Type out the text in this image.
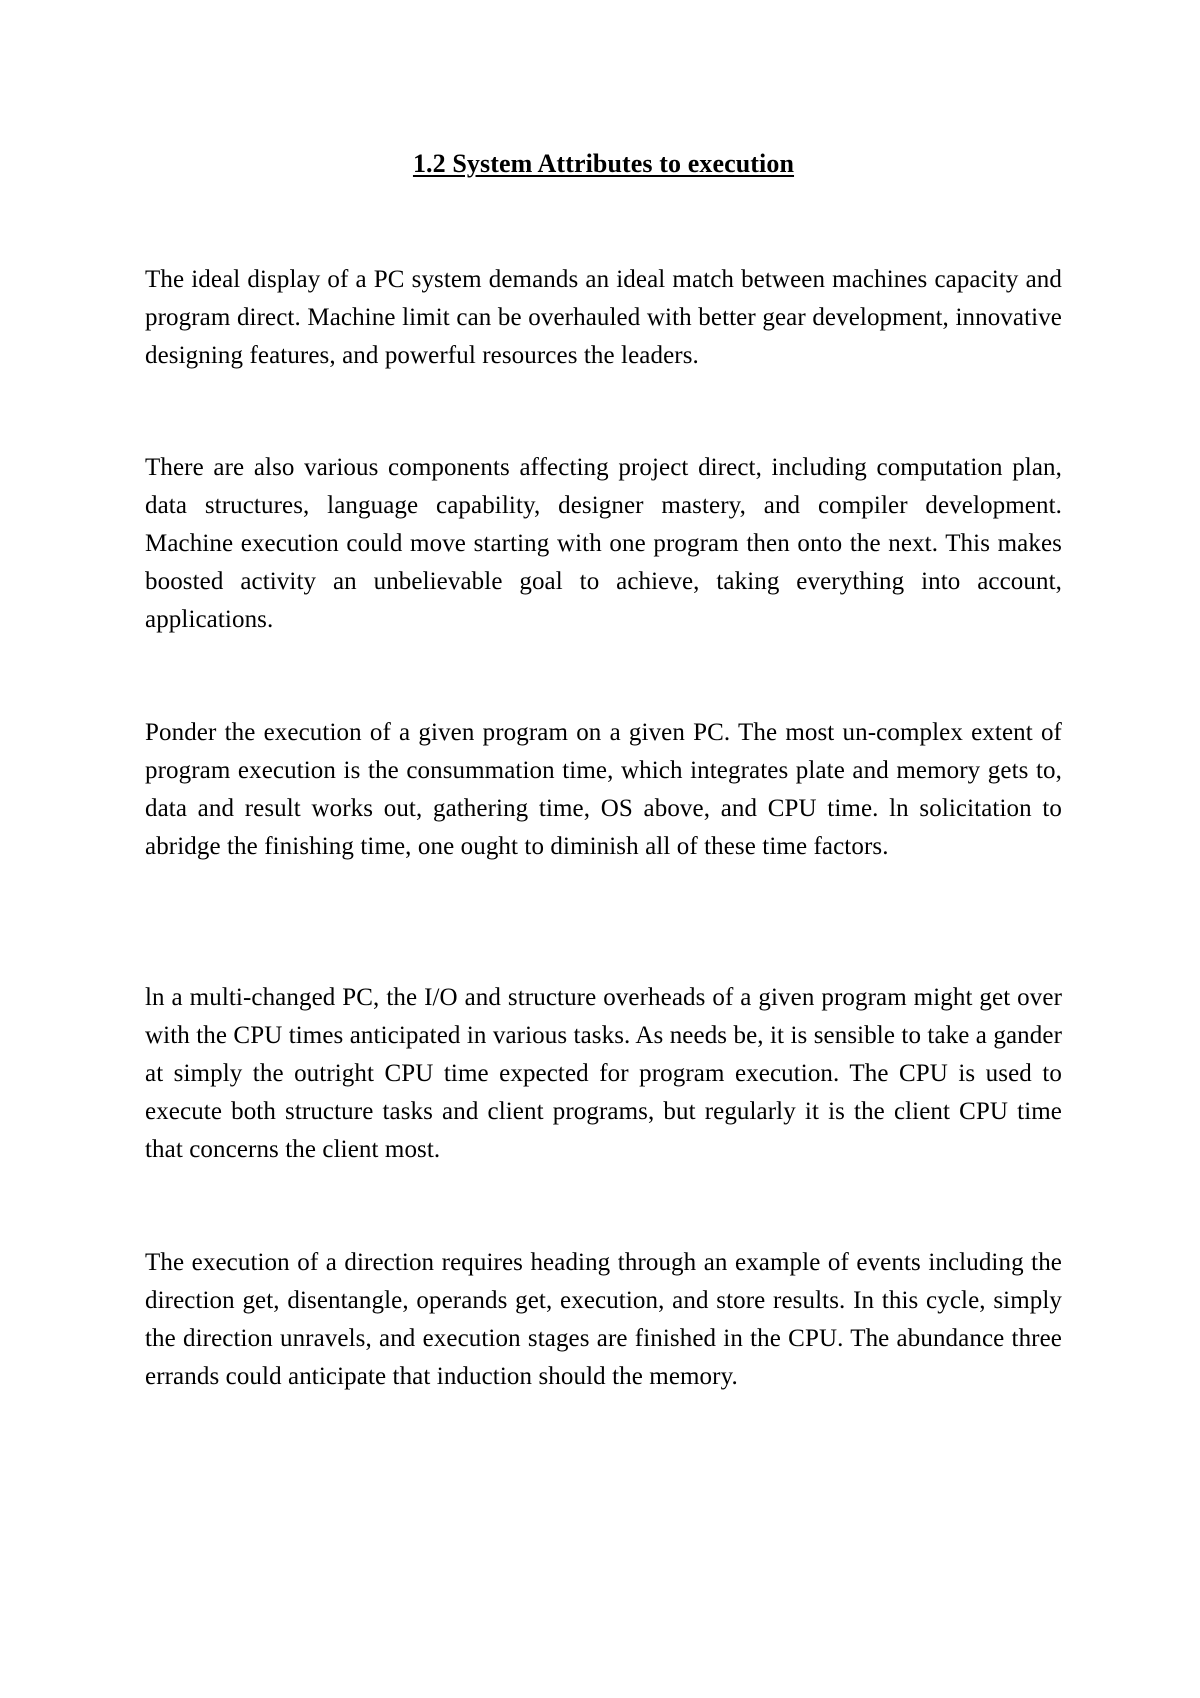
1.2 System Attributes to execution

The ideal display of a PC system demands an ideal match between machines capacity and program direct. Machine limit can be overhauled with better gear development, innovative designing features, and powerful resources the leaders.

There are also various components affecting project direct, including computation plan, data structures, language capability, designer mastery, and compiler development. Machine execution could move starting with one program then onto the next. This makes boosted activity an unbelievable goal to achieve, taking everything into account, applications.

Ponder the execution of a given program on a given PC. The most un-complex extent of program execution is the consummation time, which integrates plate and memory gets to, data and result works out, gathering time, OS above, and CPU time. ln solicitation to abridge the finishing time, one ought to diminish all of these time factors.

ln a multi-changed PC, the I/O and structure overheads of a given program might get over with the CPU times anticipated in various tasks. As needs be, it is sensible to take a gander at simply the outright CPU time expected for program execution. The CPU is used to execute both structure tasks and client programs, but regularly it is the client CPU time that concerns the client most.

The execution of a direction requires heading through an example of events including the direction get, disentangle, operands get, execution, and store results. In this cycle, simply the direction unravels, and execution stages are finished in the CPU. The abundance three errands could anticipate that induction should the memory.
